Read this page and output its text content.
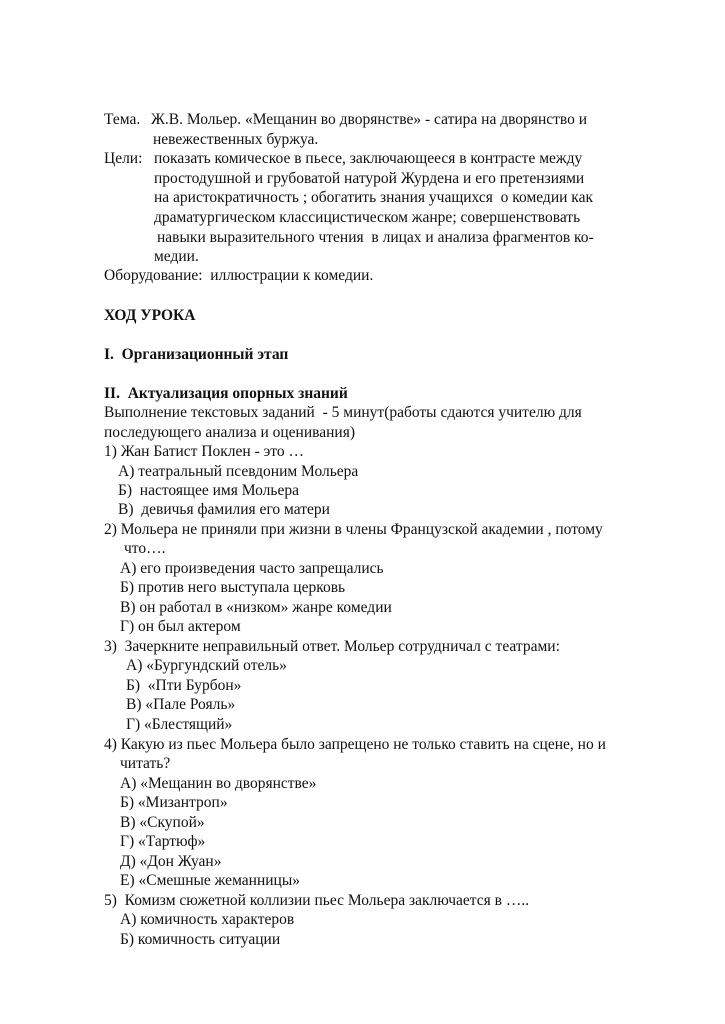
Тема. Ж.В. Мольер. «Мещанин во дворянстве» - сатира на дворянство и
невежественных буржуа.
Цели: показать комическое в пьесе, заключающееся в контрасте между
простодушной и грубоватой натурой Журдена и его претензиями
на аристократичность ; обогатить знания учащихся  о комедии как
драматургическом классицистическом жанре; совершенствовать
навыки выразительного чтения  в лицах и анализа фрагментов ко-
медии.
Оборудование:  иллюстрации к комедии.
ХОД УРОКА
I.  Организационный этап
II.  Актуализация опорных знаний
Выполнение текстовых заданий  - 5 минут(работы сдаются учителю для
последующего анализа и оценивания)
1) Жан Батист Поклен - это …
А) театральный псевдоним Мольера
Б)  настоящее имя Мольера
В)  девичья фамилия его матери
2) Мольера не приняли при жизни в члены Французской академии , потому
что….
А) его произведения часто запрещались
Б) против него выступала церковь
В) он работал в «низком» жанре комедии
Г) он был актером
3)  Зачеркните неправильный ответ. Мольер сотрудничал с театрами:
А) «Бургундский отель»
Б)  «Пти Бурбон»
В) «Пале Рояль»
Г) «Блестящий»
4) Какую из пьес Мольера было запрещено не только ставить на сцене, но и
читать?
А) «Мещанин во дворянстве»
Б) «Мизантроп»
В) «Скупой»
Г) «Тартюф»
Д) «Дон Жуан»
Е) «Смешные жеманницы»
5)  Комизм сюжетной коллизии пьес Мольера заключается в …..
А) комичность характеров
Б) комичность ситуации
